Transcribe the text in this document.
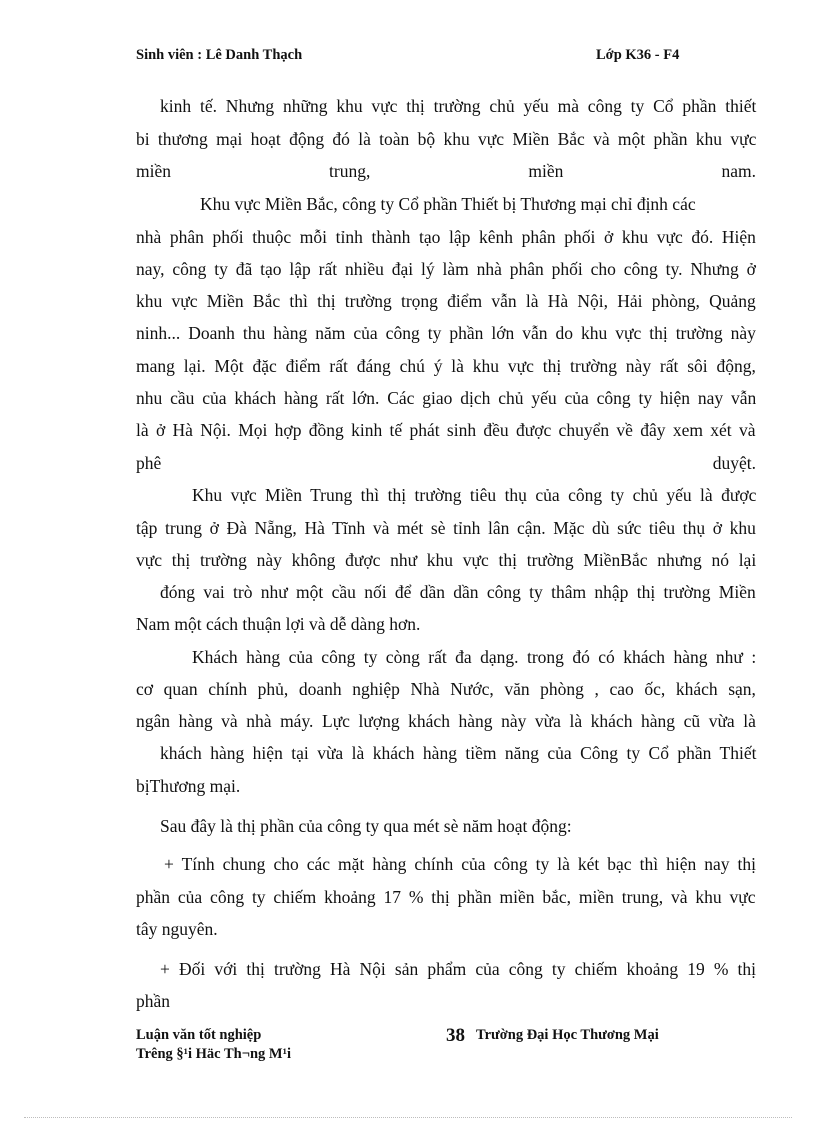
Sinh viên : Lê Danh Thạch	Lớp K36 - F4
kinh tế. Nhưng những khu vực thị trường chủ yếu mà công ty Cổ phần thiết
bi thương mại hoạt động đó là toàn bộ khu vực Miền Bắc và một phần khu vực
miền	trung,	miền	nam.
Khu vực Miền Bắc, công ty Cổ phần Thiết bị Thương mại chỉ định các
nhà phân phối thuộc mỗi tỉnh thành tạo lập kênh phân phối ở khu vực đó. Hiện
nay, công ty đã tạo lập rất nhiều đại lý làm nhà phân phối cho công ty. Nhưng ở
khu vực Miền Bắc thì thị trường trọng điểm vẫn là Hà Nội, Hải phòng, Quảng
ninh... Doanh thu hàng năm của công ty phần lớn vẫn do khu vực thị trường này
mang lại. Một đặc điểm rất đáng chú ý là khu vực thị trường này rất sôi động,
nhu cầu của khách hàng rất lớn. Các giao dịch chủ yếu của công ty hiện nay vẫn
là ở Hà Nội. Mọi hợp đồng kinh tế phát sinh đều được chuyển về đây xem xét và
phê	duyệt.
Khu vực Miền Trung thì thị trường tiêu thụ của công ty chủ yếu là được
tập trung ở Đà Nẵng, Hà Tĩnh và mét sè tỉnh lân cận. Mặc dù sức tiêu thụ ở khu
vực thị trường này không được như khu vực thị trường MiềnBắc nhưng nó lại
đóng vai trò như một cầu nối để dần dần công ty thâm nhập thị trường Miền
Nam một cách thuận lợi và dễ dàng hơn.
Khách hàng của công ty còng rất đa dạng. trong đó có khách hàng như :
cơ quan chính phủ, doanh nghiệp Nhà Nước, văn phòng , cao ốc, khách sạn,
ngân hàng và nhà máy. Lực lượng khách hàng này vừa là khách hàng cũ vừa là
khách hàng hiện tại vừa là khách hàng tiềm năng của Công ty Cổ phần Thiết
bịThương mại.
Sau đây là thị phần của công ty qua mét sè năm hoạt động:
+ Tính chung cho các mặt hàng chính của công ty là két bạc thì hiện nay thị
phần của công ty chiếm khoảng 17 % thị phần miền bắc, miền trung, và khu vực
tây nguyên.
+ Đối với thị trường Hà Nội sản phẩm của công ty chiếm khoảng 19 % thị
phần
Luận văn tốt nghiệp
Trêng §¹i Häc Th¬ng M¹i
38 Trường Đại Học Thương Mại
